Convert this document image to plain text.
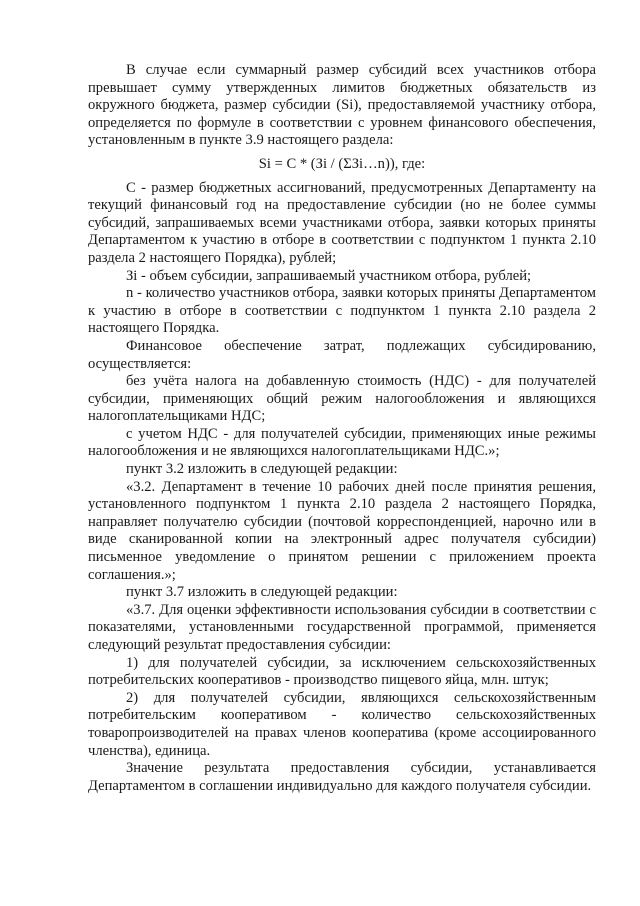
В случае если суммарный размер субсидий всех участников отбора превышает сумму утвержденных лимитов бюджетных обязательств из окружного бюджета, размер субсидии (Si), предоставляемой участнику отбора, определяется по формуле в соответствии с уровнем финансового обеспечения, установленным в пункте 3.9 настоящего раздела:

Si = C * (Зi / (ΣЗi…n)), где:

С - размер бюджетных ассигнований, предусмотренных Департаменту на текущий финансовый год на предоставление субсидии (но не более суммы субсидий, запрашиваемых всеми участниками отбора, заявки которых приняты Департаментом к участию в отборе в соответствии с подпунктом 1 пункта 2.10 раздела 2 настоящего Порядка), рублей;

Зi - объем субсидии, запрашиваемый участником отбора, рублей;

n - количество участников отбора, заявки которых приняты Департаментом к участию в отборе в соответствии с подпунктом 1 пункта 2.10 раздела 2 настоящего Порядка.

Финансовое обеспечение затрат, подлежащих субсидированию, осуществляется:

без учёта налога на добавленную стоимость (НДС) - для получателей субсидии, применяющих общий режим налогообложения и являющихся налогоплательщиками НДС;

с учетом НДС - для получателей субсидии, применяющих иные режимы налогообложения и не являющихся налогоплательщиками НДС.»;

пункт 3.2 изложить в следующей редакции:

«3.2. Департамент в течение 10 рабочих дней после принятия решения, установленного подпунктом 1 пункта 2.10 раздела 2 настоящего Порядка, направляет получателю субсидии (почтовой корреспонденцией, нарочно или в виде сканированной копии на электронный адрес получателя субсидии) письменное уведомление о принятом решении с приложением проекта соглашения.»;

пункт 3.7 изложить в следующей редакции:

«3.7. Для оценки эффективности использования субсидии в соответствии с показателями, установленными государственной программой, применяется следующий результат предоставления субсидии:

1) для получателей субсидии, за исключением сельскохозяйственных потребительских кооперативов - производство пищевого яйца, млн. штук;

2) для получателей субсидии, являющихся сельскохозяйственным потребительским кооперативом - количество сельскохозяйственных товаропроизводителей на правах членов кооператива (кроме ассоциированного членства), единица.

Значение результата предоставления субсидии, устанавливается Департаментом в соглашении индивидуально для каждого получателя субсидии.
